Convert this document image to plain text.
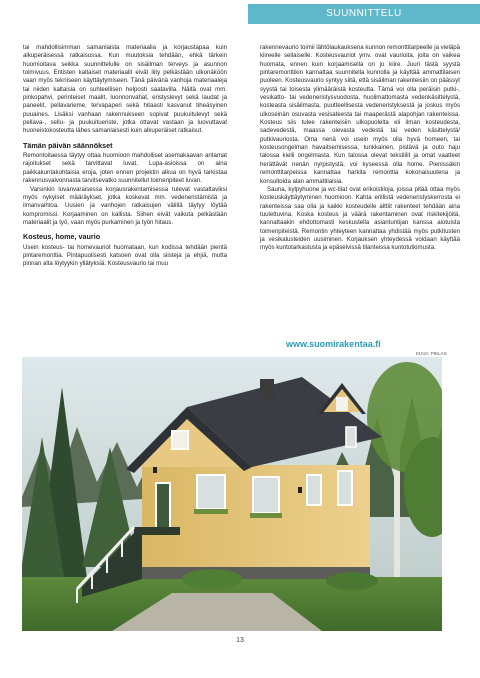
SUUNNITTELU

tai mahdollisimman samanlaista materiaalia ja korjaustapaa kuin alkuperäisessä ratkaisussa. Kun muutoksia tehdään, ehkä tärkein huomioitava seikka suunnittelulle on sisäilman terveys ja asunnon toimivuus. Entisten kaltaiset materiaalit eivät liity pelkästään ulkonäköön vaan myös tekniseen käyttäytymiseen. Tänä päivänä vanhoja materiaaleja tai niiden kaltaisia on suhteellisen helposti saatavilla. Näitä ovat mm. pinkopahvi, perinteiset maalit, luonnonvahat, eristyslevyt sekä laudat ja paneelit, pellavarieme, tervapaperi sekä hitaasti kasvanut tiheäsyinen puuaines. Lisäksi vanhaan rakennukseen sopivat puukuitulevyt sekä pellava-, sellu- ja puukuitueriste, jotka ottavat vastaan ja luovuttavat huoneistokosteutta lähes samanlaisesti kuin alkuperäiset ratkaisut.

Tämän päivän säännökset

Remontoitaessa täytyy ottaa huomioon mahdolliset asemakaavan antamat rajoitukset sekä tarvittavat luvat. Lupa-asioissa on aina paikkakuntakohtaisia eroja, joten ennen projektin alkua on hyvä tarkistaa rakennusvalvonnasta tarvitsevatko suunnitellut toimenpiteet luvan.

Varsinkin luvanvaraisessa korjausrakentamisessa tulevat vastattaviksi myös nykyiset määräykset, jotka koskevat mm. vedeneristämistä ja ilmanvaihtoa. Uusien ja vanhojen ratkaisujen välillä täytyy löytää kompromissi. Korjaaminen on kallista. Siihen eivät vaikuta pelkästään materiaalit ja työ, vaan myös purkaminen ja työn hitaus.

Kosteus, home, vaurio

Usein kosteus- tai homevauriot huomataan, kun kodissa tehdään pientä pintaremonttia. Pintapuolisesti katsoen ovat olla siisteja ja ehjiä, mutta pinnan alta löytyykin yllätyksiä. Kosteusvaurio tai muu

rakennevaurio toimii lähtölaukauksena kunnon remonttitarpeelle ja vieläpä kiireelle sellaiselle. Kosteusvauriot ymv. ovat vaurioita, joita on vaikea huomata, ennen kuin korjaamisella on jo kiire. Juuri tästä syystä pintaremonttikin kannattaa suunnitella kunnolla ja käyttää ammattilaisen puoleen. Kosteusvaurio syntyy siitä, että sisäilman rakenteisiin on päässyt syystä tai toisesta ylimääräistä kosteutta. Tämä voi olla peräisin putki-, vesikatto- tai vedeneristysvuodosta, huolimattomasta vedenkäsittelystä, kosteasta sisäilmasta, puutteellisesta vedeneristyksestä ja joskus myös ulkoseinän osuvasta vesisateesta tai maaperästä alapohjan rakenteissa. Kosteus siis tulee rakenteisiin ulkopuolelta eli ilman kosteudesta, sadevedestä, maassa olevasta vedestä tai veden käsittelystä/ putkivauriosta. Oma nenä voi usein myös olla hyvä homeen, tai kosteusongelman havaitsemisessa, tunkkainen, pistävä ja outo haju talossa kielii ongelmasta. Kun talossa olevat tekstiilit ja omat vaatteet herättävät nenän nyrpistystä, voi kyseessä olla home. Pienissäkin remonttitarpeissa kannattaa harkita remonttia kokonaisuutena ja konsultoida alan ammattilaisia.

Sauna, kylpyhuone ja wc-tilat ovat erikoistiloja, joissa pitää ottaa myös kosteuskäyttäytyminen huomioon. Kahta erillistä vedeneristyskerrosta ei rakenteissa saa olla ja kaikki kosteudelle alttiit rakenteet tehdään aina tuulettuvina. Koska kosteus ja väärä rakentaminen ovat riskitekijöitä, kannattaakin ehdottomasti keskustella asiantuntijan kanssa aiotuista toimenpiteistä. Remontin yhteyteen kannattaa yhdistää myös putkitusten ja vesikalusteiden uusiminen. Korjauksen yhteydessä voidaan käyttää myös kuntotarkastusta ja epäselvissä tilanteissa kuntotutkimusta.

www.suomirakentaa.fi
KUVA: PIKLAS
13
